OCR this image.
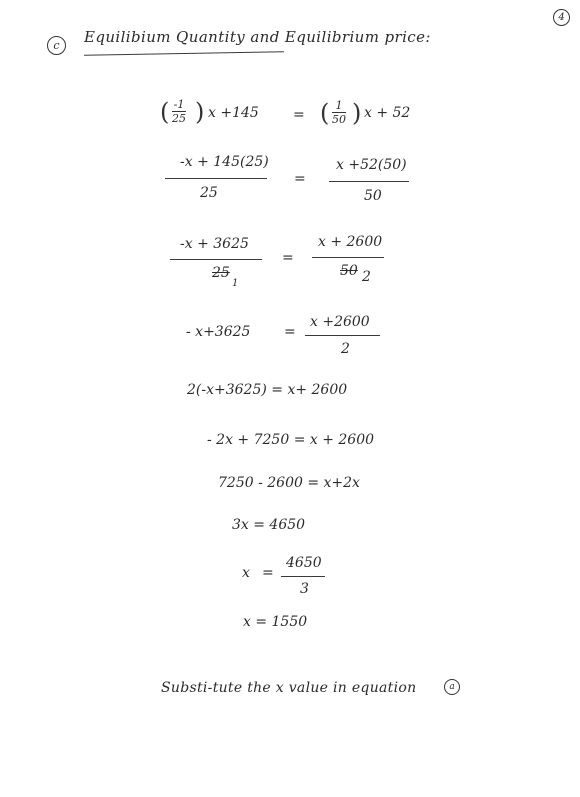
4
c Equilibium Quantity and Equilibrium price:
( -1
25 ) x +145 = ( 1
50 ) x + 52
-x + 145(25)
25
=
x +52(50)
50
-x + 3625
25
1
=
x + 2600
50 2
- x+3625 =
x +2600
2
2(-x+3625) = x+ 2600
- 2x + 7250 = x + 2600
7250 - 2600 = x+2x
3x = 4650
x =
4650
3
x = 1550
Substi-tute the x value in equation	a
